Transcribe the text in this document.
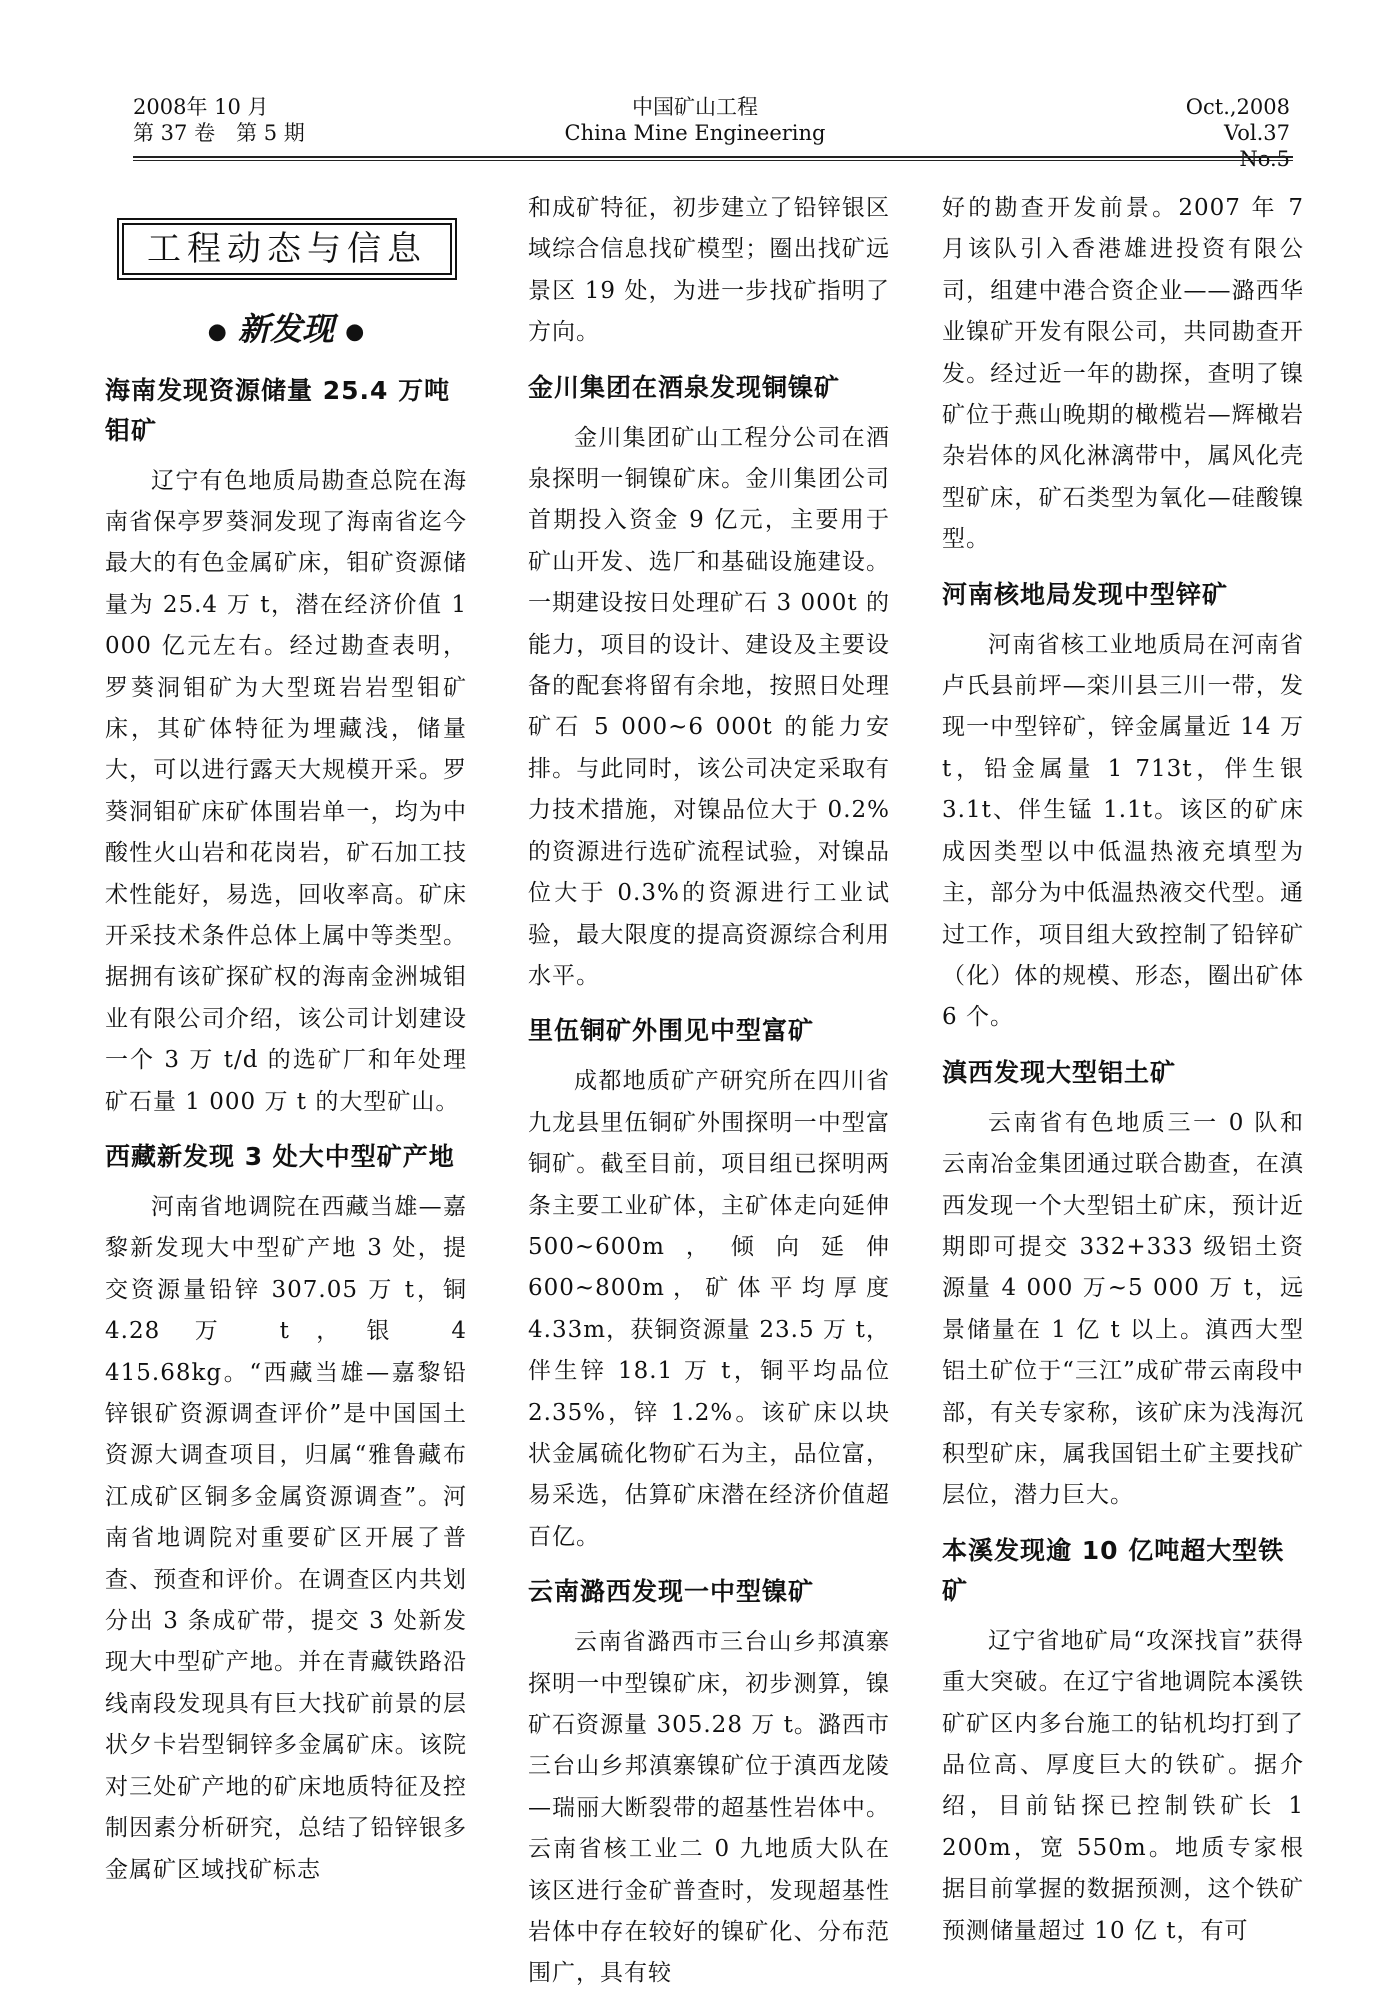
2008年 10 月
第 37 卷　第 5 期
中国矿山工程
China Mine Engineering
Oct.,2008
Vol.37　No.5
工程动态与信息
● 新发现 ●
海南发现资源储量 25.4 万吨钼矿

辽宁有色地质局勘查总院在海南省保亭罗葵洞发现了海南省迄今最大的有色金属矿床，钼矿资源储量为 25.4 万 t，潜在经济价值 1 000 亿元左右。经过勘查表明，罗葵洞钼矿为大型斑岩岩型钼矿床，其矿体特征为埋藏浅，储量大，可以进行露天大规模开采。罗葵洞钼矿床矿体围岩单一，均为中酸性火山岩和花岗岩，矿石加工技术性能好，易选，回收率高。矿床开采技术条件总体上属中等类型。据拥有该矿探矿权的海南金洲城钼业有限公司介绍，该公司计划建设一个 3 万 t/d 的选矿厂和年处理矿石量 1 000 万 t 的大型矿山。

西藏新发现 3 处大中型矿产地

河南省地调院在西藏当雄—嘉黎新发现大中型矿产地 3 处，提交资源量铅锌 307.05 万 t，铜 4.28 万 t，银 4 415.68kg。“西藏当雄—嘉黎铅锌银矿资源调查评价”是中国国土资源大调查项目，归属“雅鲁藏布江成矿区铜多金属资源调查”。河南省地调院对重要矿区开展了普查、预查和评价。在调查区内共划分出 3 条成矿带，提交 3 处新发现大中型矿产地。并在青藏铁路沿线南段发现具有巨大找矿前景的层状夕卡岩型铜锌多金属矿床。该院对三处矿产地的矿床地质特征及控制因素分析研究，总结了铅锌银多金属矿区域找矿标志

和成矿特征，初步建立了铅锌银区域综合信息找矿模型；圈出找矿远景区 19 处，为进一步找矿指明了方向。

金川集团在酒泉发现铜镍矿

金川集团矿山工程分公司在酒泉探明一铜镍矿床。金川集团公司首期投入资金 9 亿元，主要用于矿山开发、选厂和基础设施建设。一期建设按日处理矿石 3 000t 的能力，项目的设计、建设及主要设备的配套将留有余地，按照日处理矿石 5 000~6 000t 的能力安排。与此同时，该公司决定采取有力技术措施，对镍品位大于 0.2%的资源进行选矿流程试验，对镍品位大于 0.3%的资源进行工业试验，最大限度的提高资源综合利用水平。

里伍铜矿外围见中型富矿

成都地质矿产研究所在四川省九龙县里伍铜矿外围探明一中型富铜矿。截至目前，项目组已探明两条主要工业矿体，主矿体走向延伸 500~600m，倾向延伸 600~800m，矿体平均厚度 4.33m，获铜资源量 23.5 万 t，伴生锌 18.1 万 t，铜平均品位 2.35%，锌 1.2%。该矿床以块状金属硫化物矿石为主，品位富，易采选，估算矿床潜在经济价值超百亿。

云南潞西发现一中型镍矿

云南省潞西市三台山乡邦滇寨探明一中型镍矿床，初步测算，镍矿石资源量 305.28 万 t。潞西市三台山乡邦滇寨镍矿位于滇西龙陵—瑞丽大断裂带的超基性岩体中。云南省核工业二 0 九地质大队在该区进行金矿普查时，发现超基性岩体中存在较好的镍矿化、分布范围广，具有较

好的勘查开发前景。2007 年 7 月该队引入香港雄进投资有限公司，组建中港合资企业——潞西华业镍矿开发有限公司，共同勘查开发。经过近一年的勘探，查明了镍矿位于燕山晚期的橄榄岩—辉橄岩杂岩体的风化淋漓带中，属风化壳型矿床，矿石类型为氧化—硅酸镍型。

河南核地局发现中型锌矿

河南省核工业地质局在河南省卢氏县前坪—栾川县三川一带，发现一中型锌矿，锌金属量近 14 万 t，铅金属量 1 713t，伴生银 3.1t、伴生锰 1.1t。该区的矿床成因类型以中低温热液充填型为主，部分为中低温热液交代型。通过工作，项目组大致控制了铅锌矿（化）体的规模、形态，圈出矿体 6 个。

滇西发现大型铝土矿

云南省有色地质三一 0 队和云南冶金集团通过联合勘查，在滇西发现一个大型铝土矿床，预计近期即可提交 332+333 级铝土资源量 4 000 万~5 000 万 t，远景储量在 1 亿 t 以上。滇西大型铝土矿位于“三江”成矿带云南段中部，有关专家称，该矿床为浅海沉积型矿床，属我国铝土矿主要找矿层位，潜力巨大。

本溪发现逾 10 亿吨超大型铁矿

辽宁省地矿局“攻深找盲”获得重大突破。在辽宁省地调院本溪铁矿矿区内多台施工的钻机均打到了品位高、厚度巨大的铁矿。据介绍，目前钻探已控制铁矿长 1 200m，宽 550m。地质专家根据目前掌握的数据预测，这个铁矿预测储量超过 10 亿 t，有可
